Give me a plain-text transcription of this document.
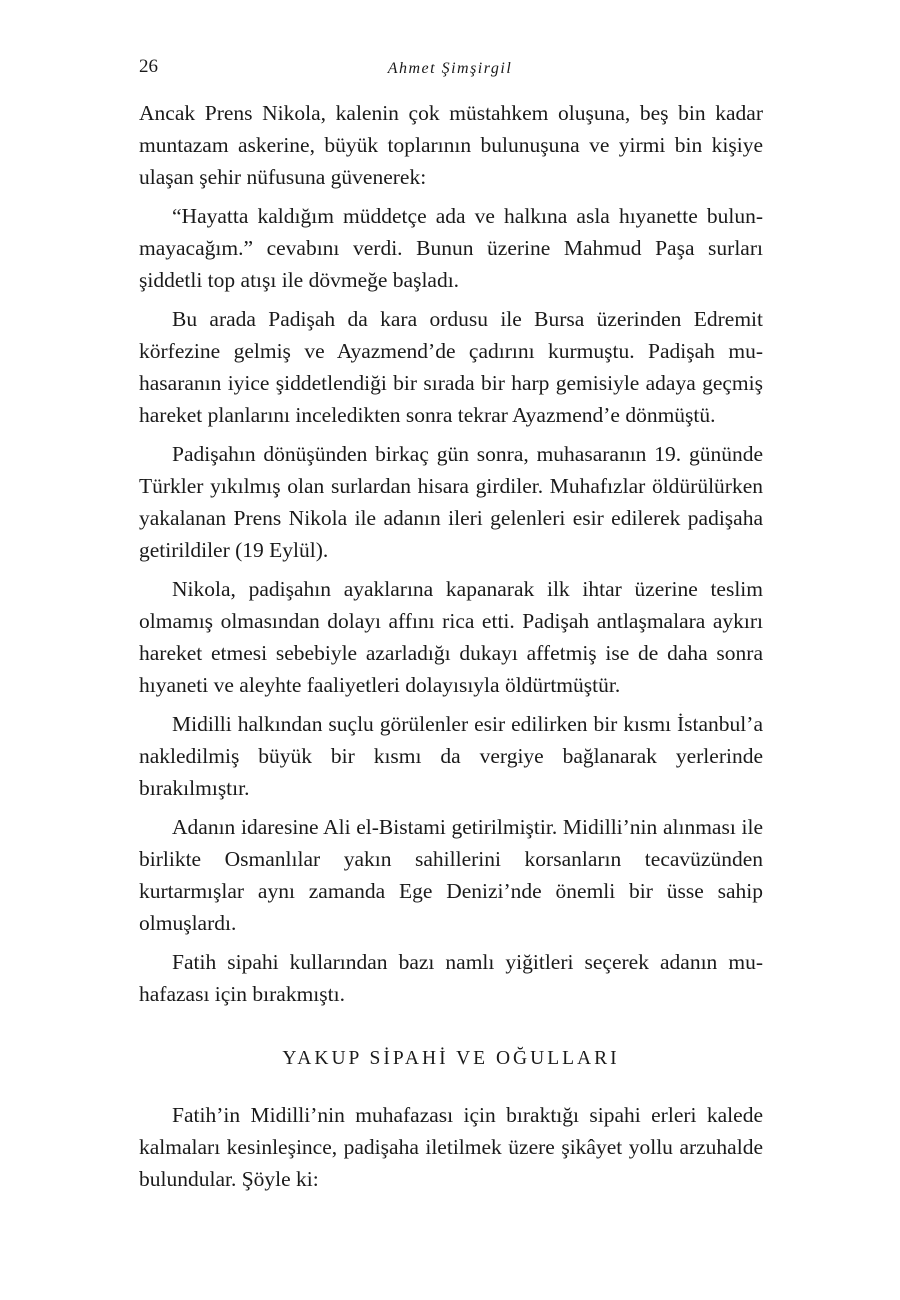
26	Ahmet Şimşirgil

Ancak Prens Nikola, kalenin çok müstahkem oluşuna, beş bin kadar muntazam askerine, büyük toplarının bulunuşuna ve yirmi bin kişiye ulaşan şehir nüfusuna güvenerek:

“Hayatta kaldığım müddetçe ada ve halkına asla hıyanette bulunmayacağım.” cevabını verdi. Bunun üzerine Mahmud Paşa surları şiddetli top atışı ile dövmeğe başladı.

Bu arada Padişah da kara ordusu ile Bursa üzerinden Edremit körfezine gelmiş ve Ayazmend’de çadırını kurmuştu. Padişah muhasaranın iyice şiddetlendiği bir sırada bir harp gemisiyle adaya geçmiş hareket planlarını inceledikten sonra tekrar Ayazmend’e dönmüştü.

Padişahın dönüşünden birkaç gün sonra, muhasaranın 19. gününde Türkler yıkılmış olan surlardan hisara girdiler. Muhafızlar öldürülürken yakalanan Prens Nikola ile adanın ileri gelenleri esir edilerek padişaha getirildiler (19 Eylül).

Nikola, padişahın ayaklarına kapanarak ilk ihtar üzerine teslim olmamış olmasından dolayı affını rica etti. Padişah antlaşmalara aykırı hareket etmesi sebebiyle azarladığı dukayı affetmiş ise de daha sonra hıyaneti ve aleyhte faaliyetleri dolayısıyla öldürtmüştür.

Midilli halkından suçlu görülenler esir edilirken bir kısmı İstanbul’a nakledilmiş büyük bir kısmı da vergiye bağlanarak yerlerinde bırakılmıştır.

Adanın idaresine Ali el-Bistami getirilmiştir. Midilli’nin alınması ile birlikte Osmanlılar yakın sahillerini korsanların tecavüzünden kurtarmışlar aynı zamanda Ege Denizi’nde önemli bir üsse sahip olmuşlardı.

Fatih sipahi kullarından bazı namlı yiğitleri seçerek adanın muhafazası için bırakmıştı.

YAKUP SİPAHİ VE OĞULLARI

Fatih’in Midilli’nin muhafazası için bıraktığı sipahi erleri kalede kalmaları kesinleşince, padişaha iletilmek üzere şikâyet yollu arzuhalde bulundular. Şöyle ki:
